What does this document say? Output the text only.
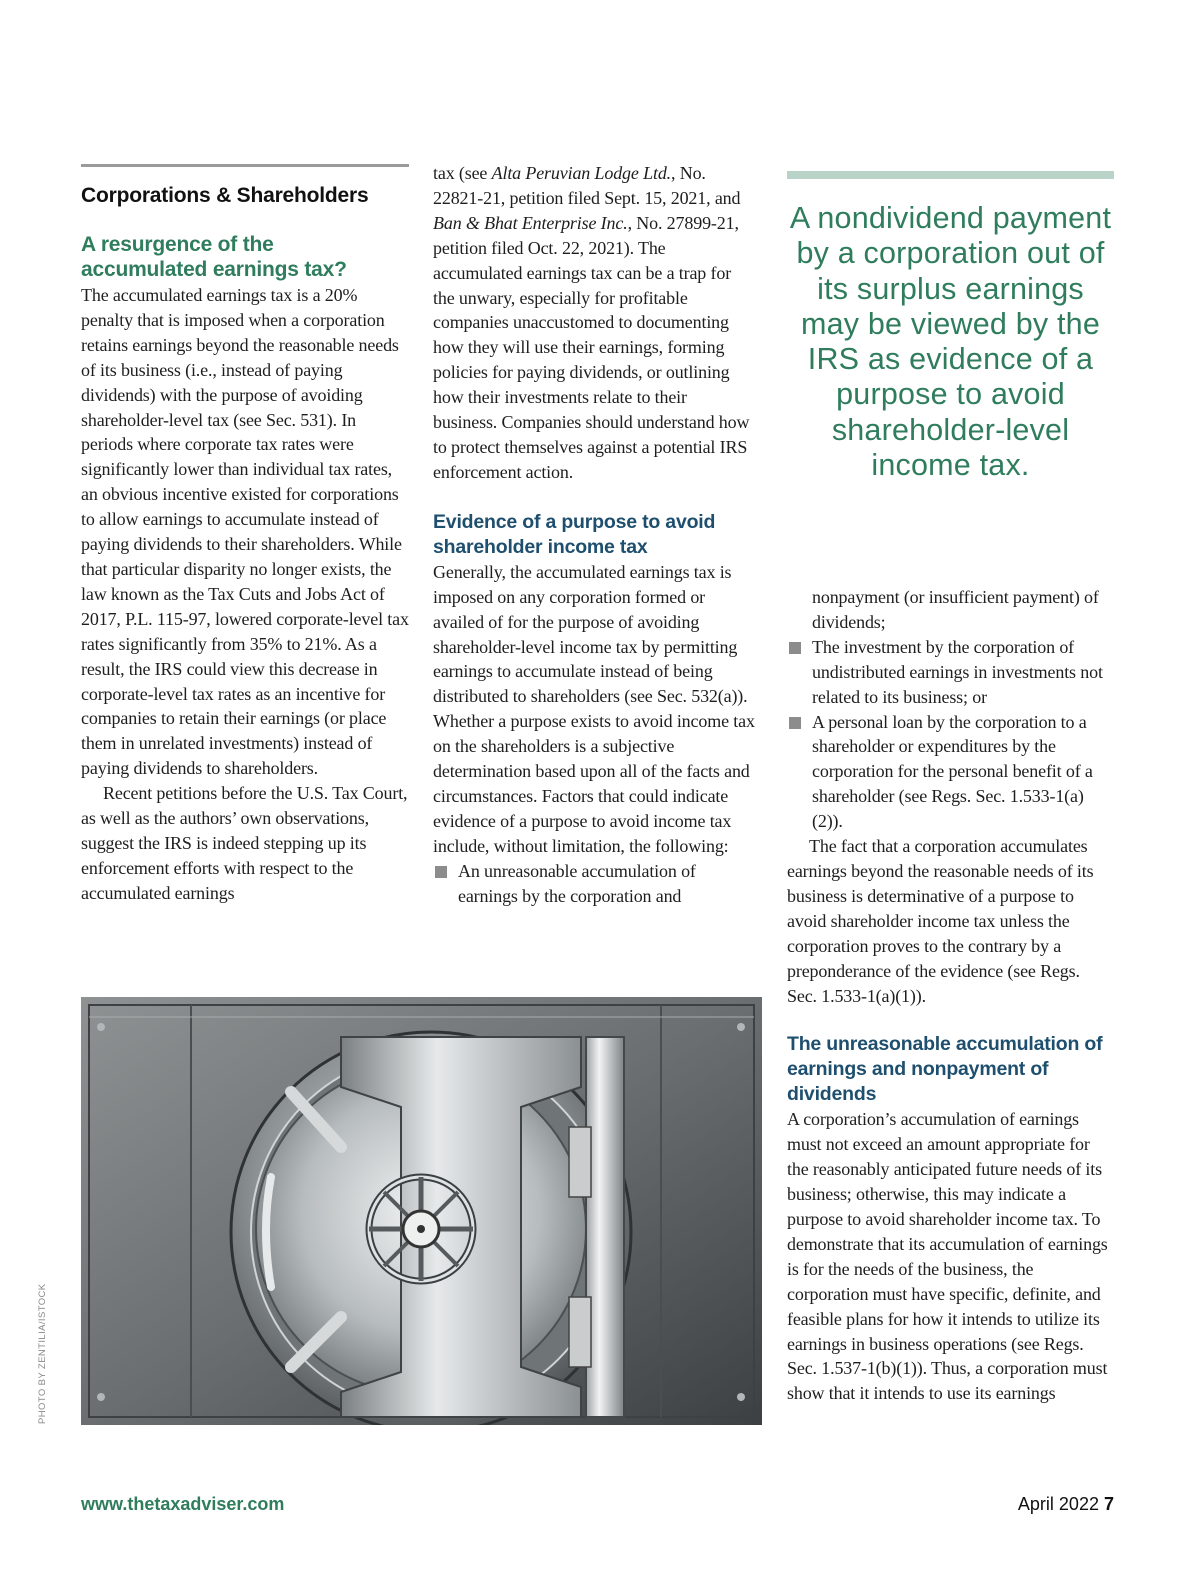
Corporations & Shareholders
A resurgence of the accumulated earnings tax?

The accumulated earnings tax is a 20% penalty that is imposed when a corporation retains earnings beyond the reasonable needs of its business (i.e., instead of paying dividends) with the purpose of avoiding shareholder-level tax (see Sec. 531). In periods where corporate tax rates were significantly lower than individual tax rates, an obvious incentive existed for corporations to allow earnings to accumulate instead of paying dividends to their shareholders. While that particular disparity no longer exists, the law known as the Tax Cuts and Jobs Act of 2017, P.L. 115-97, lowered corporate-level tax rates significantly from 35% to 21%. As a result, the IRS could view this decrease in corporate-level tax rates as an incentive for companies to retain their earnings (or place them in unrelated investments) instead of paying dividends to shareholders.

Recent petitions before the U.S. Tax Court, as well as the authors’ own observations, suggest the IRS is indeed stepping up its enforcement efforts with respect to the accumulated earnings

tax (see Alta Peruvian Lodge Ltd., No. 22821-21, petition filed Sept. 15, 2021, and Ban & Bhat Enterprise Inc., No. 27899-21, petition filed Oct. 22, 2021). The accumulated earnings tax can be a trap for the unwary, especially for profitable companies unaccustomed to documenting how they will use their earnings, forming policies for paying dividends, or outlining how their investments relate to their business. Companies should understand how to protect themselves against a potential IRS enforcement action.

Evidence of a purpose to avoid shareholder income tax

Generally, the accumulated earnings tax is imposed on any corporation formed or availed of for the purpose of avoiding shareholder-level income tax by permitting earnings to accumulate instead of being distributed to shareholders (see Sec. 532(a)). Whether a purpose exists to avoid income tax on the shareholders is a subjective determination based upon all of the facts and circumstances. Factors that could indicate evidence of a purpose to avoid income tax include, without limitation, the following:

An unreasonable accumulation of earnings by the corporation and
A nondividend payment by a corporation out of its surplus earnings may be viewed by the IRS as evidence of a purpose to avoid shareholder-level income tax.
nonpayment (or insufficient payment) of dividends;
The investment by the corporation of undistributed earnings in investments not related to its business; or
A personal loan by the corporation to a shareholder or expenditures by the corporation for the personal benefit of a shareholder (see Regs. Sec. 1.533-1(a)(2)).

The fact that a corporation accumulates earnings beyond the reasonable needs of its business is determinative of a purpose to avoid shareholder income tax unless the corporation proves to the contrary by a preponderance of the evidence (see Regs. Sec. 1.533-1(a)(1)).

The unreasonable accumulation of earnings and nonpayment of dividends

A corporation’s accumulation of earnings must not exceed an amount appropriate for the reasonably anticipated future needs of its business; otherwise, this may indicate a purpose to avoid shareholder income tax. To demonstrate that its accumulation of earnings is for the needs of the business, the corporation must have specific, definite, and feasible plans for how it intends to utilize its earnings in business operations (see Regs. Sec. 1.537-1(b)(1)). Thus, a corporation must show that it intends to use its earnings

PHOTO BY ZENTILIA/ISTOCK
www.thetaxadviser.com	April 2022 7
